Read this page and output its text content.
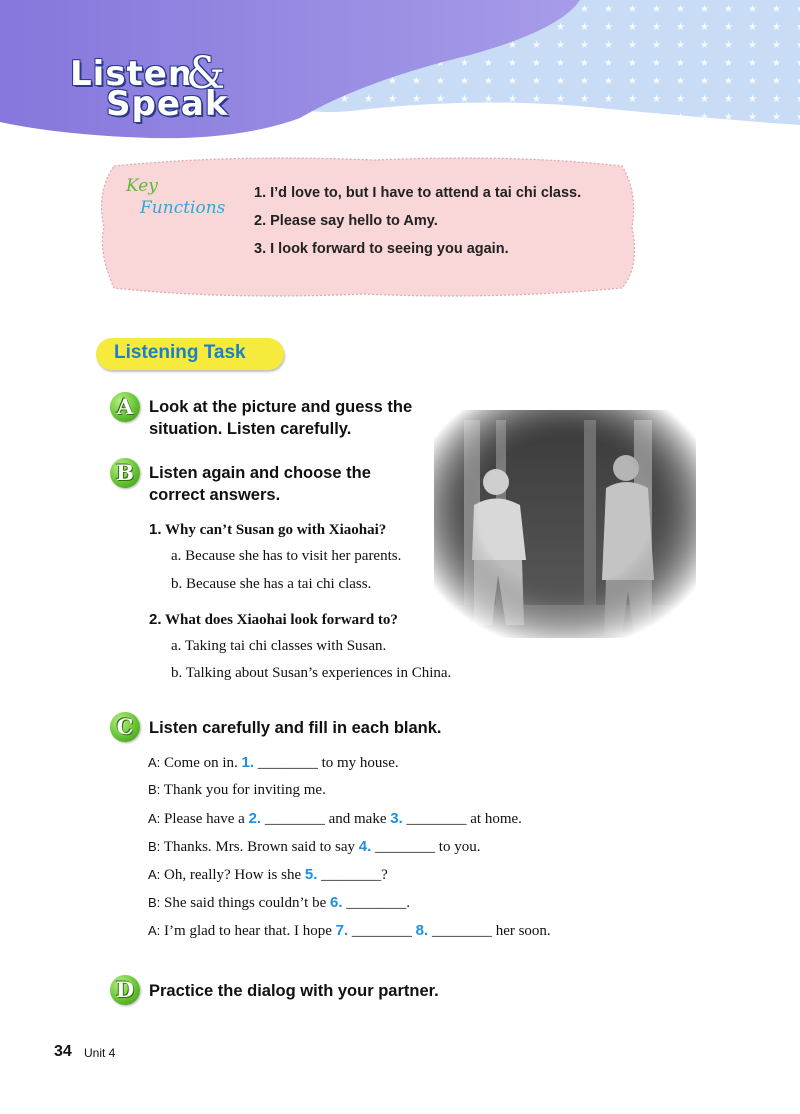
Listen
&
Speak
Key
Functions
1. I’d love to, but I have to attend a tai chi class.
2. Please say hello to Amy.
3. I look forward to seeing you again.
Listening Task
A Look at the picture and guess the
situation. Listen carefully.
B Listen again and choose the
correct answers.
1. Why can’t Susan go with Xiaohai?
a. Because she has to visit her parents.
b. Because she has a tai chi class.
2. What does Xiaohai look forward to?
a. Taking tai chi classes with Susan.
b. Talking about Susan’s experiences in China.
C Listen carefully and fill in each blank.
A: Come on in. 1. ________ to my house.
B: Thank you for inviting me.
A: Please have a 2. ________ and make 3. ________ at home.
B: Thanks. Mrs. Brown said to say 4. ________ to you.
A: Oh, really? How is she 5. ________?
B: She said things couldn’t be 6. ________.
A: I’m glad to hear that. I hope 7. ________ 8. ________ her soon.
D Practice the dialog with your partner.
34 Unit 4
